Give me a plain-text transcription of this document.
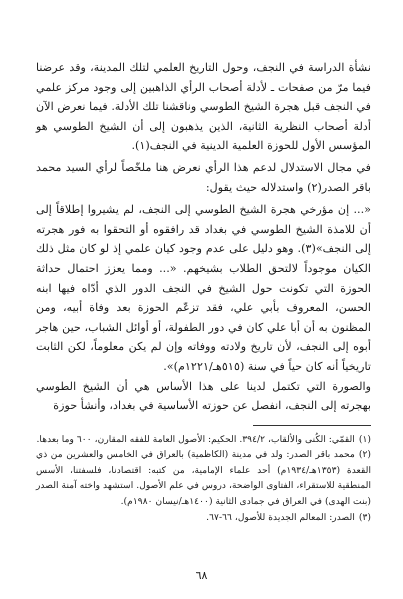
نشأة الدراسة في النجف، وحول التاريخ العلمي لتلك المدينة، وقد عرضنا فيما مرّ من صفحات ـ لأدلة أصحاب الرأي الذاهبين إلى وجود مركز علمي في النجف قبل هجرة الشيخ الطوسي وناقشنا تلك الأدلة. فيما نعرض الآن أدلة أصحاب النظرية الثانية، الذين يذهبون إلى أن الشيخ الطوسي هو المؤسس الأول للحوزة العلمية الدينية في النجف(١).

في مجال الاستدلال لدعم هذا الرأي نعرض هنا ملخّصاً لرأي السيد محمد باقر الصدر(٢) واستدلاله حيث يقول:

«... إن مؤرخي هجرة الشيخ الطوسي إلى النجف، لم يشيروا إطلاقاً إلى أن للامذة الشيخ الطوسي في بغداد قد رافقوه أو التحقوا به فور هجرته إلى النجف»(٣). وهو دليل على عدم وجود كيان علمي إذ لو كان مثل ذلك الكيان موجوداً لالتحق الطلاب بشيخهم. «... ومما يعزز احتمال حداثة الحوزة التي تكونت حول الشيخ في النجف الدور الذي أدّاه فيها ابنه الحسن، المعروف بأبي علي، فقد تزعّم الحوزة بعد وفاة أبيه، ومن المظنون به أن أبا علي كان في دور الطفولة، أو أوائل الشباب، حين هاجر أبوه إلى النجف، لأن تاريخ ولادته ووفاته وإن لم يكن معلوماً، لكن الثابت تاريخياً أنه كان حياً في سنة (٥١٥هـ/١٢٢١م)».

والصورة التي تكتمل لدينا على هذا الأساس هي أن الشيخ الطوسي بهجرته إلى النجف، انفصل عن حوزته الأساسية في بغداد، وأنشأ حوزة

(١)القمّي: الكُنى والألقاب، ٣٩٤/٢. الحكيم: الأصول العامة للفقه المقارن، ٦٠٠ وما بعدها.

(٢)محمد باقر الصدر: ولد في مدينة (الكاظمية) بالعراق في الخامس والعشرين من ذي القعدة (١٣٥٣هـ/١٩٣٤م) أحد علماء الإمامية، من كتبه: اقتصادنا، فلسفتنا، الأسس المنطقية للاستقراء، الفتاوى الواضحة، دروس في علم الأصول. استشهد واخته آمنة الصدر (بنت الهدى) في العراق في جمادى الثانية (١٤٠٠هـ/نيسان ١٩٨٠م).

(٣)الصدر: المعالم الجديدة للأصول، ٦٦-٦٧.

٦٨
